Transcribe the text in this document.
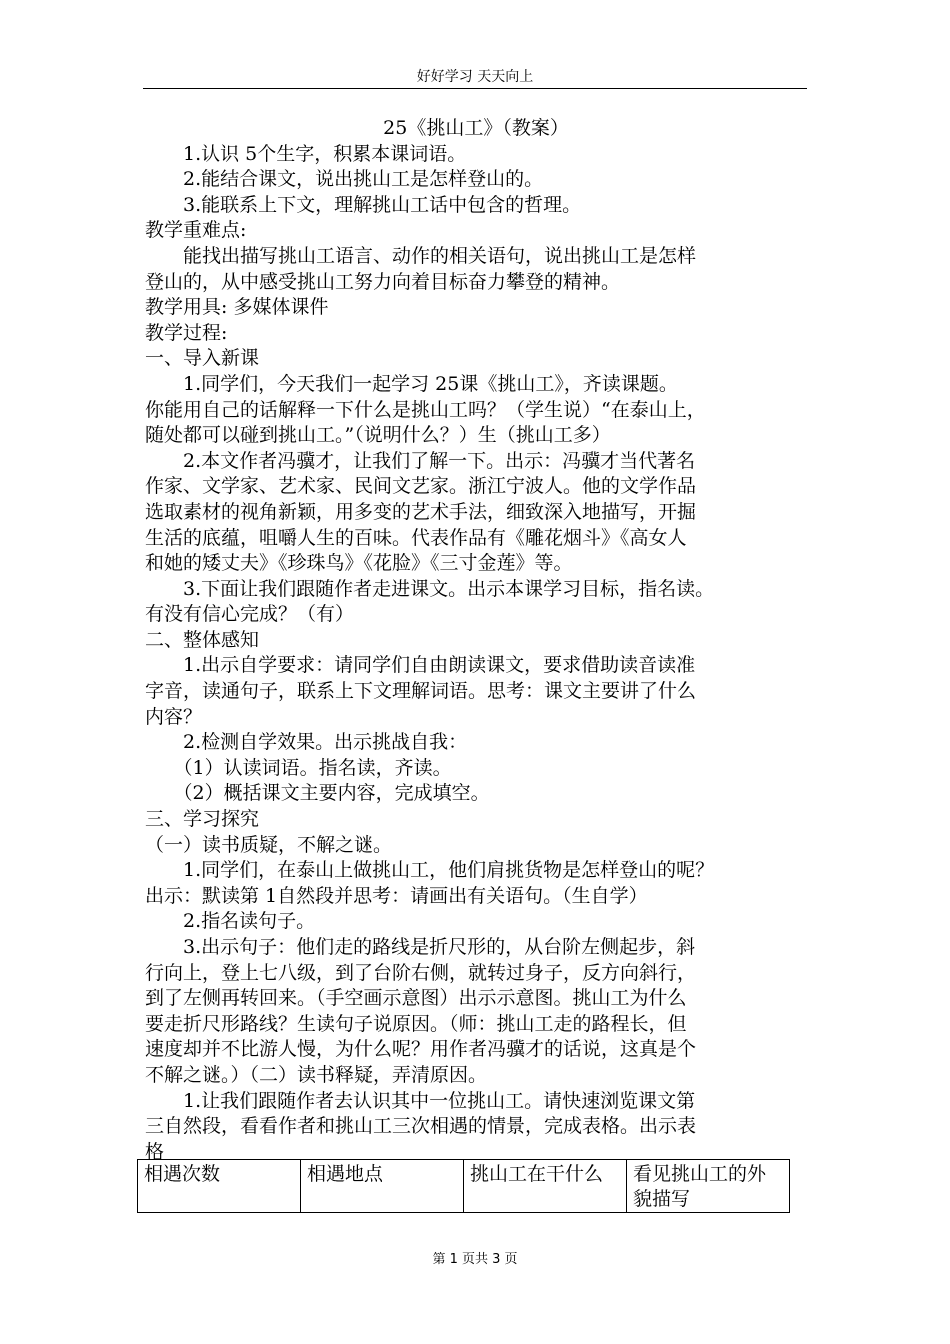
好好学习 天天向上
25《挑山工》（教案）
　　1.认识 5个生字，积累本课词语。
　　2.能结合课文，说出挑山工是怎样登山的。
　　3.能联系上下文，理解挑山工话中包含的哲理。
教学重难点:
　　能找出描写挑山工语言、动作的相关语句，说出挑山工是怎样
登山的，从中感受挑山工努力向着目标奋力攀登的精神。
教学用具: 多媒体课件
教学过程:
一、导入新课
　　1.同学们，今天我们一起学习 25课《挑山工》，齐读课题。
你能用自己的话解释一下什么是挑山工吗？（学生说）“在泰山上，
随处都可以碰到挑山工。”（说明什么？）生（挑山工多）
　　2.本文作者冯骥才，让我们了解一下。出示：冯骥才当代著名
作家、文学家、艺术家、民间文艺家。浙江宁波人。他的文学作品
选取素材的视角新颖，用多变的艺术手法，细致深入地描写，开掘
生活的底蕴，咀嚼人生的百味。代表作品有《雕花烟斗》《高女人
和她的矮丈夫》《珍珠鸟》《花脸》《三寸金莲》等。
　　3.下面让我们跟随作者走进课文。出示本课学习目标，指名读。
有没有信心完成？（有）
二、整体感知
　　1.出示自学要求：请同学们自由朗读课文，要求借助读音读准
字音，读通句子，联系上下文理解词语。思考：课文主要讲了什么
内容？
　　2.检测自学效果。出示挑战自我：
　　（1）认读词语。指名读，齐读。
　　（2）概括课文主要内容，完成填空。
三、学习探究
（一）读书质疑，不解之谜。
　　1.同学们，在泰山上做挑山工，他们肩挑货物是怎样登山的呢？
出示：默读第 1自然段并思考：请画出有关语句。（生自学）
　　2.指名读句子。
　　3.出示句子：他们走的路线是折尺形的，从台阶左侧起步，斜
行向上，登上七八级，到了台阶右侧，就转过身子，反方向斜行，
到了左侧再转回来。（手空画示意图）出示示意图。挑山工为什么
要走折尺形路线？生读句子说原因。（师：挑山工走的路程长，但
速度却并不比游人慢，为什么呢？用作者冯骥才的话说，这真是个
不解之谜。）（二）读书释疑，弄清原因。
　　1.让我们跟随作者去认识其中一位挑山工。请快速浏览课文第
三自然段，看看作者和挑山工三次相遇的情景，完成表格。出示表
格
相遇次数	相遇地点	挑山工在干什么	看见挑山工的外貌描写
第 1 页共 3 页
